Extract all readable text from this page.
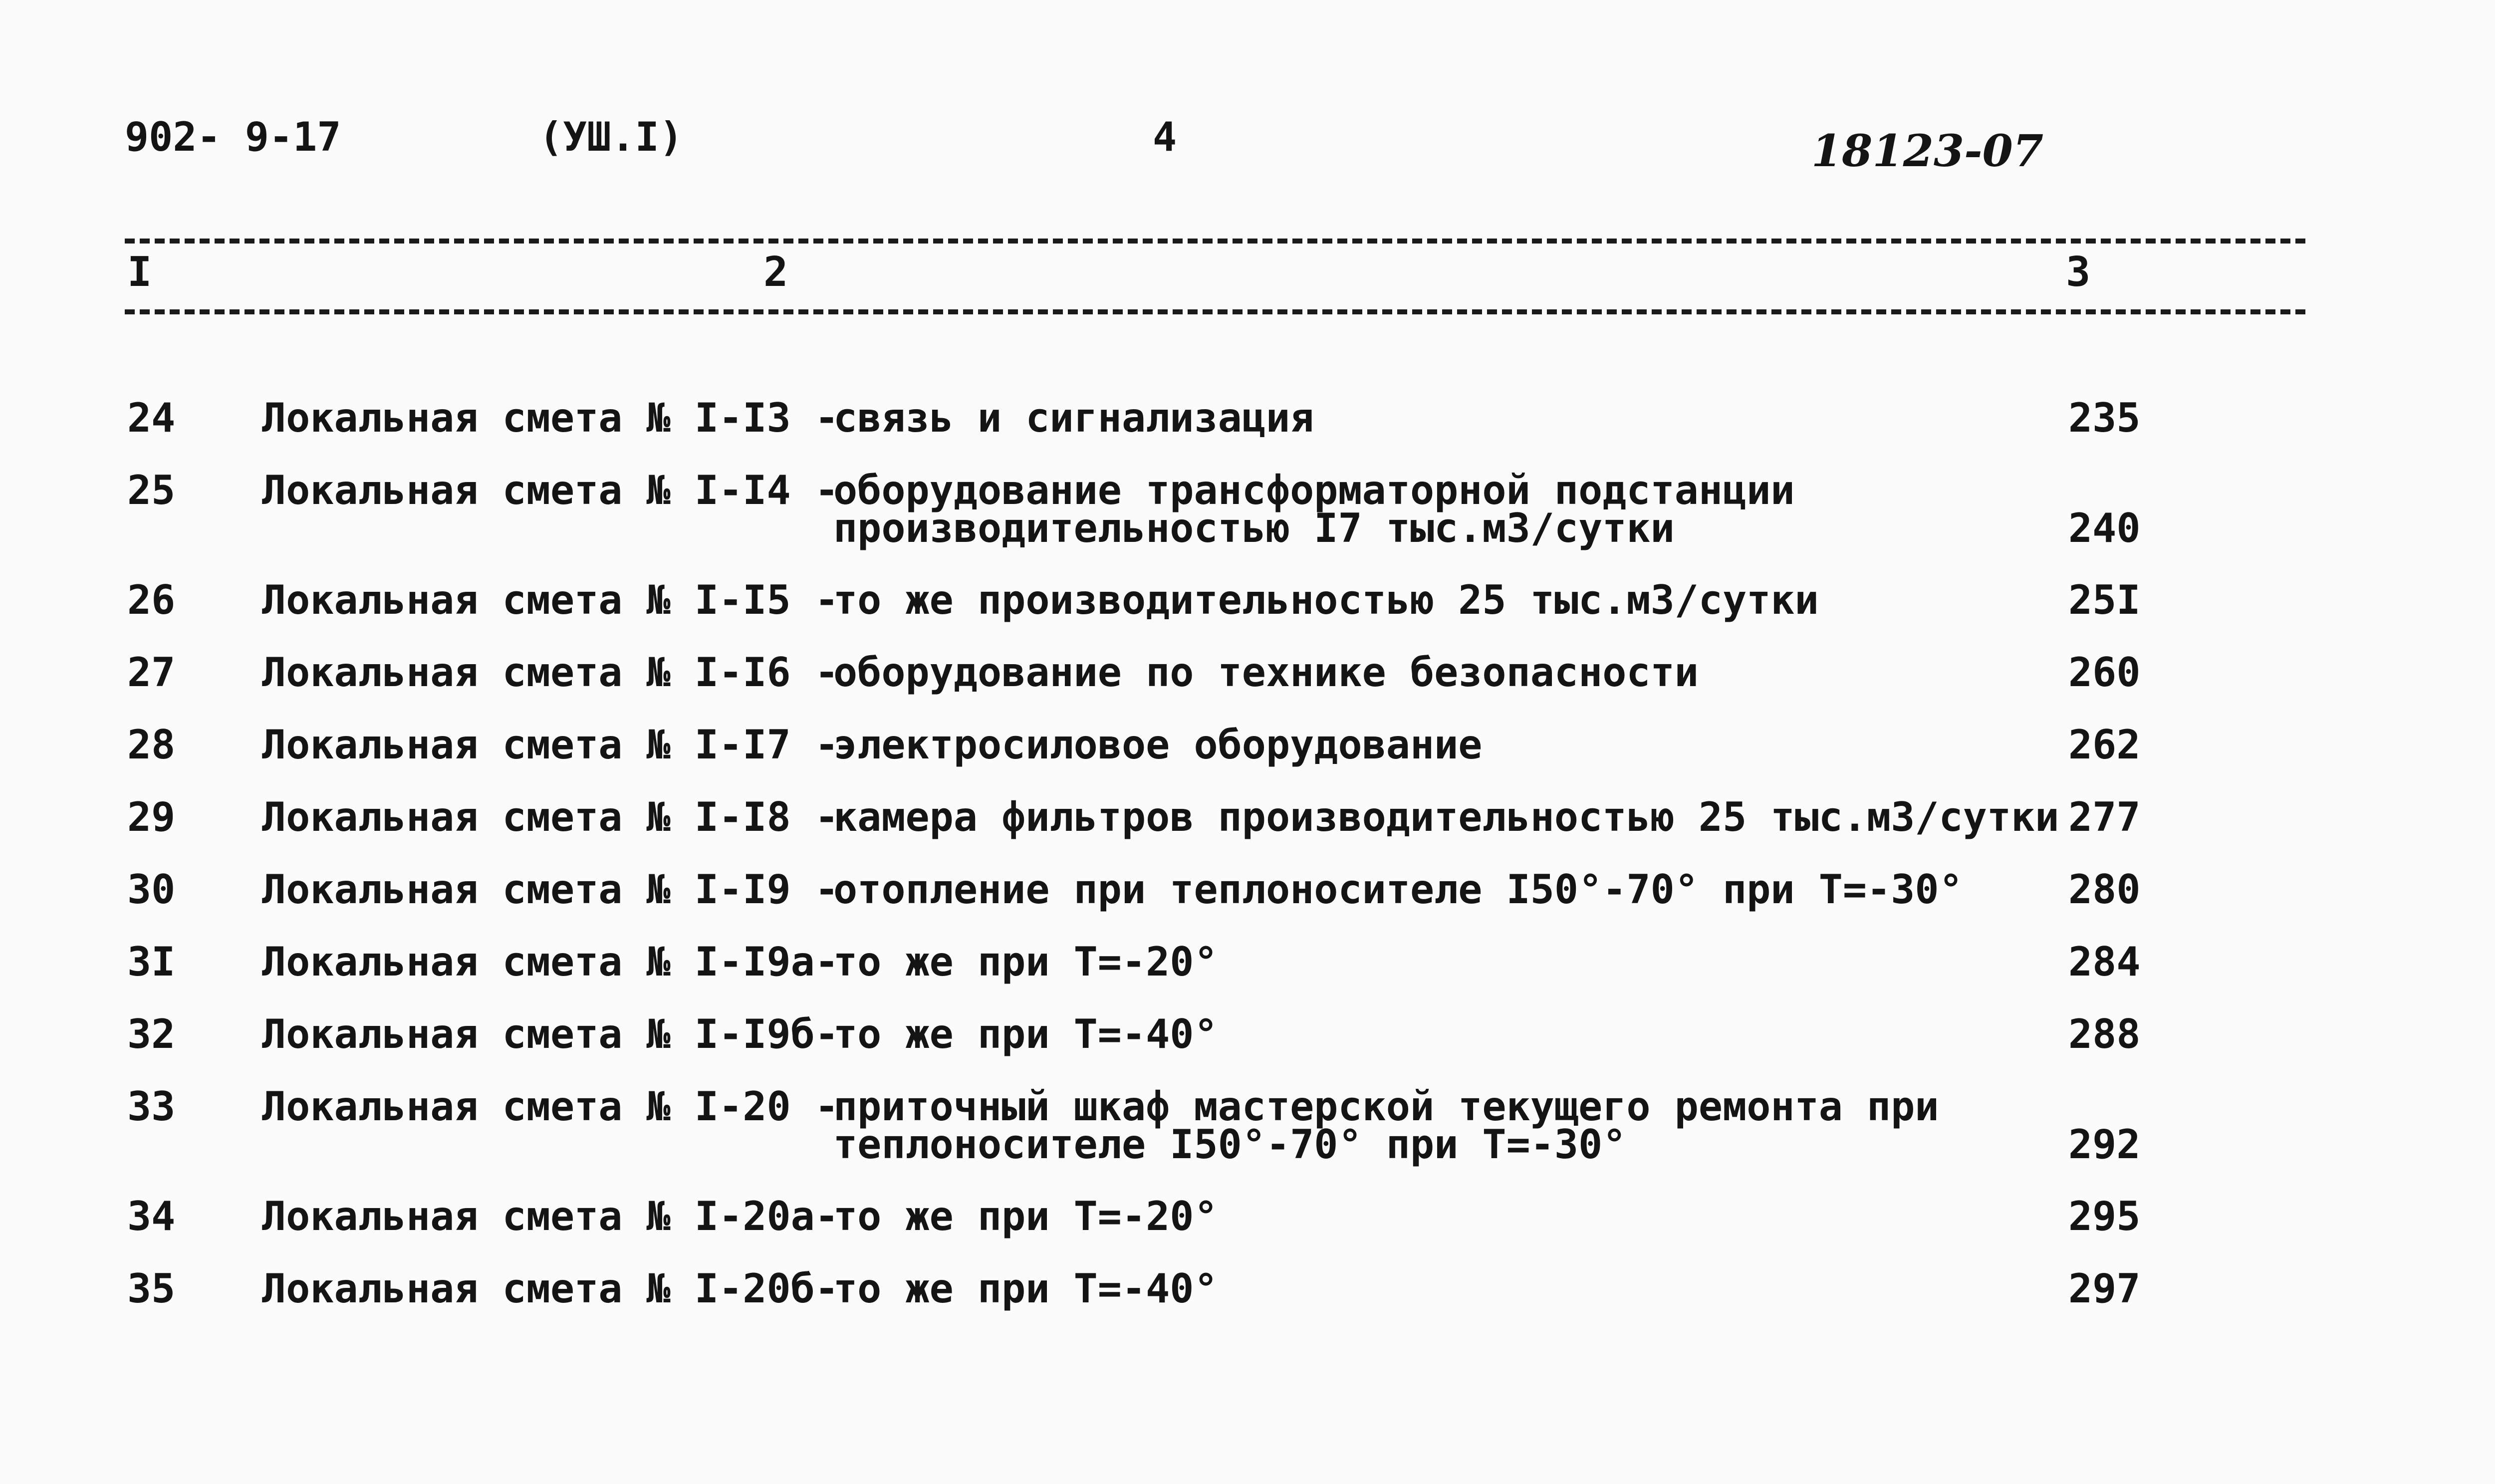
902- 9-17	(УШ.I)	4	18123-07
I	2	3
24 Локальная смета № I-I3 -
связь и сигнализация	235
25 Локальная смета № I-I4 -
оборудование трансформаторной подстанции
производительностью I7 тыс.м3/сутки	240
26 Локальная смета № I-I5 -
то же производительностью 25 тыс.м3/сутки	25I
27 Локальная смета № I-I6 -
оборудование по технике безопасности	260
28 Локальная смета № I-I7 -
электросиловое оборудование	262
29 Локальная смета № I-I8 -
камера фильтров производительностью 25 тыс.м3/сутки 277
30 Локальная смета № I-I9 -
отопление при теплоносителе I50°-70° при Т=-30°	280
3I Локальная смета № I-I9а-
то же при Т=-20°	284
32 Локальная смета № I-I9б-
то же при Т=-40°	288
33 Локальная смета № I-20 -
приточный шкаф мастерской текущего ремонта при
теплоносителе I50°-70° при Т=-30°	292
34 Локальная смета № I-20а-
то же при Т=-20°	295
35 Локальная смета № I-20б-
то же при Т=-40°	297
